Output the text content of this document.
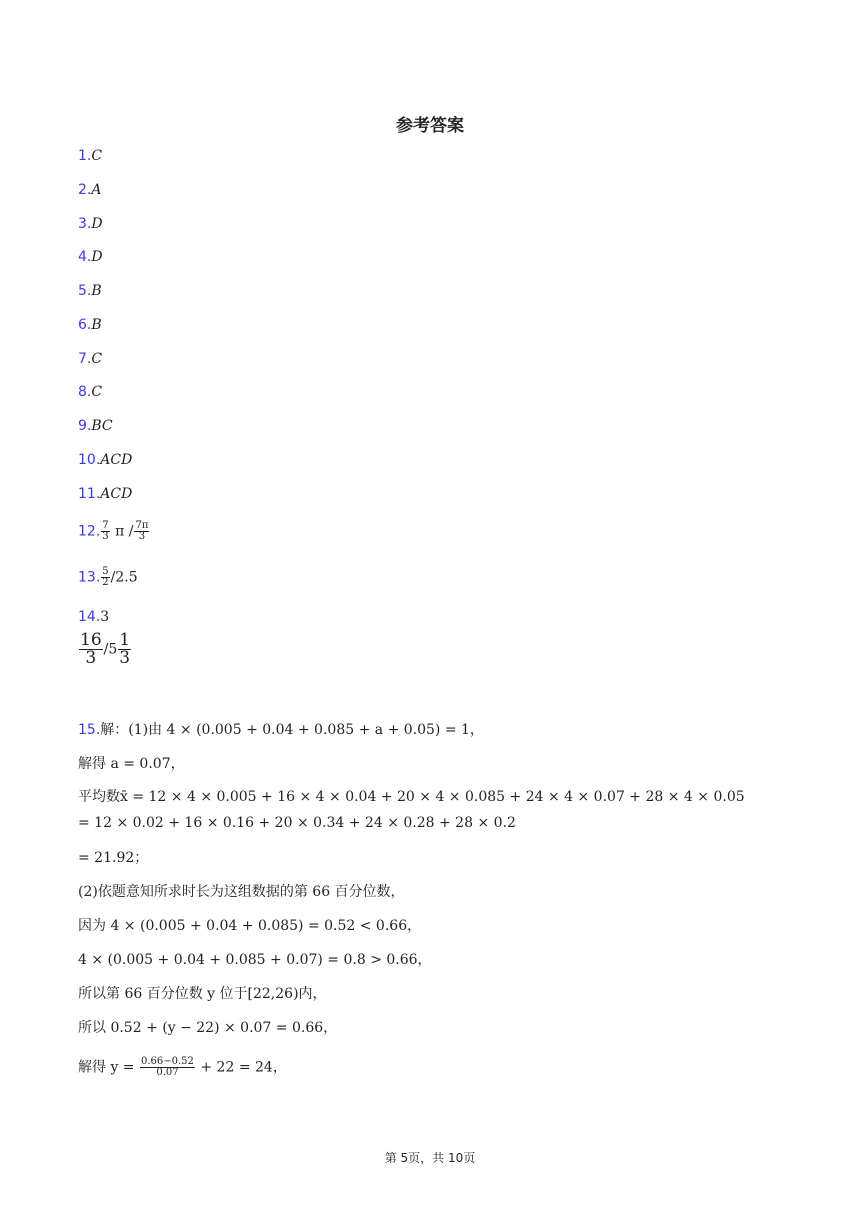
参考答案
1.C
2.A
3.D
4.D
5.B
6.B
7.C
8.C
9.BC
10.ACD
11.ACD
12. $\frac{7}{3}$ π / $\frac{7\pi}{3}$
13. $\frac{5}{2} /2.5$
14.3
$\frac{16}{3} /5 \frac{1}{3}$
15.解：(1)由 4 × (0.005 + 0.04 + 0.085 + a + 0.05) = 1，
解得 a = 0.07，
平均数x̄ = 12 × 4 × 0.005 + 16 × 4 × 0.04 + 20 × 4 × 0.085 + 24 × 4 × 0.07 + 28 × 4 × 0.05
= 12 × 0.02 + 16 × 0.16 + 20 × 0.34 + 24 × 0.28 + 28 × 0.2
= 21.92；
(2)依题意知所求时长为这组数据的第 66 百分位数，
因为 4 × (0.005 + 0.04 + 0.085) = 0.52 < 0.66，
4 × (0.005 + 0.04 + 0.085 + 0.07) = 0.8 > 0.66，
所以第 66 百分位数 y 位于[22,26)内，
所以 0.52 + (y − 22) × 0.07 = 0.66，
解得 $y = \frac{0.66-0.52}{0.07} + 22 = 24$，
第 5页，共 10页
